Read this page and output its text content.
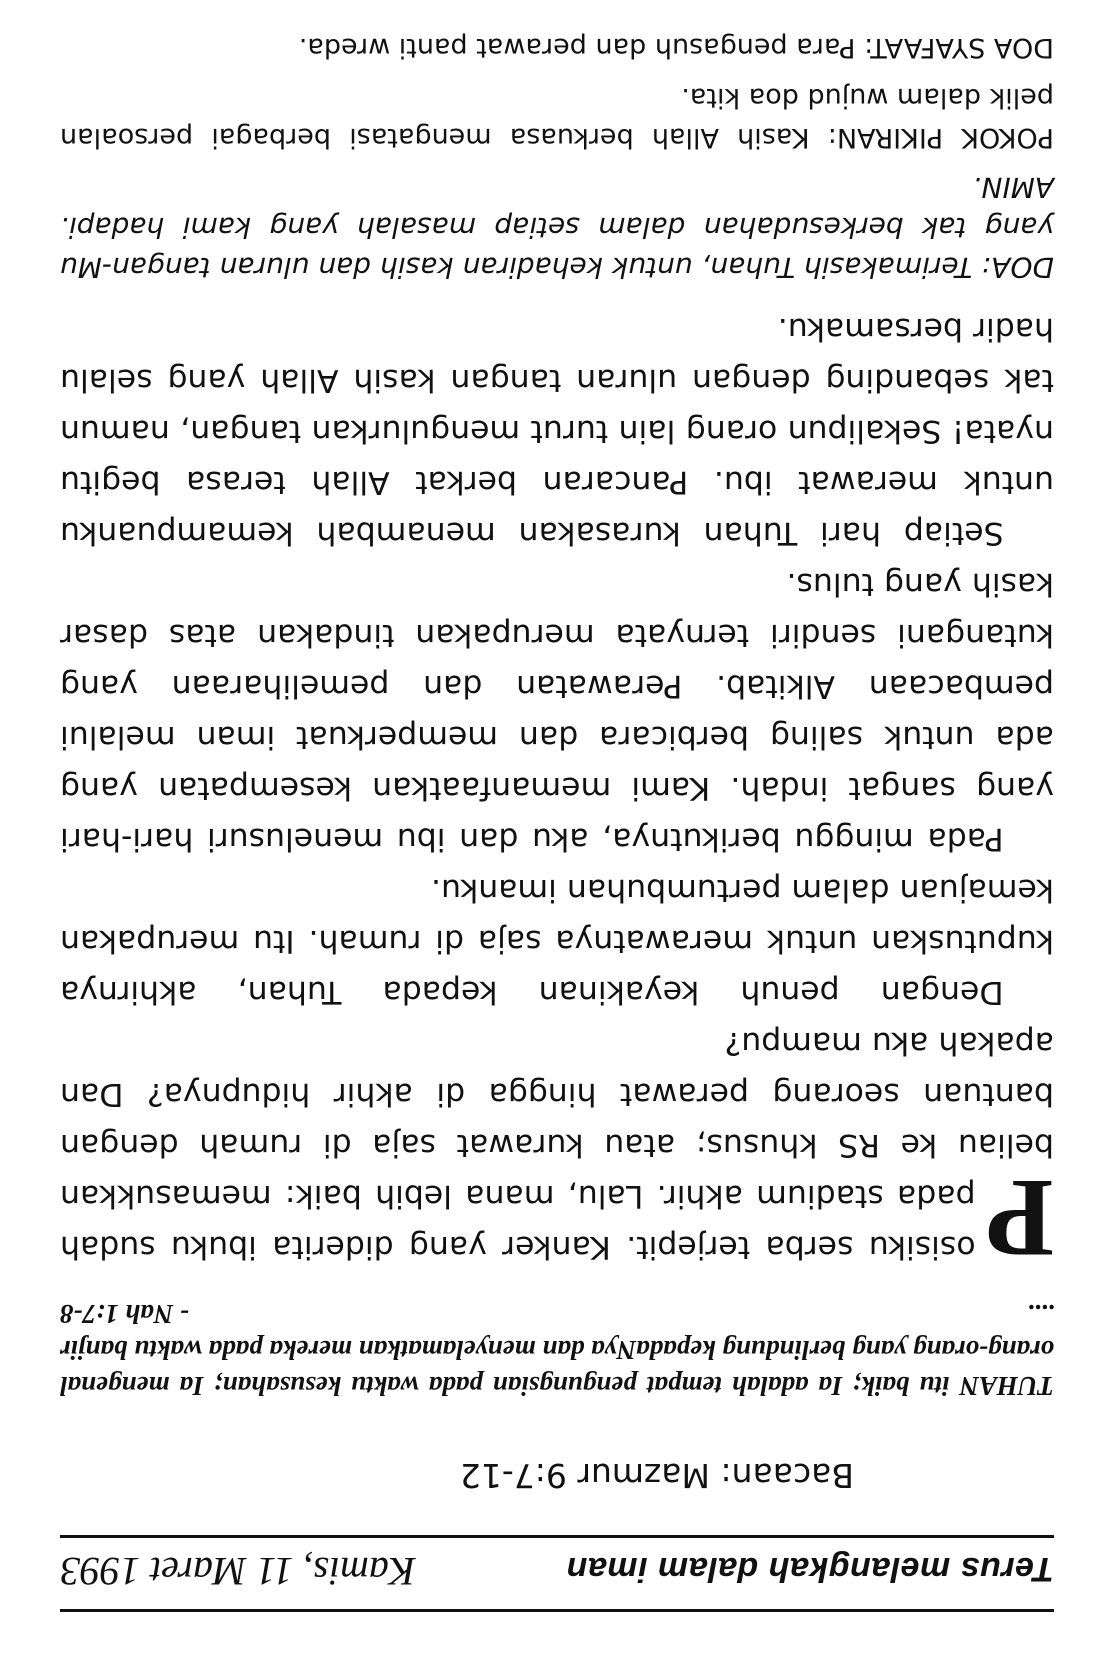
Terus melangkah dalam iman
Kamis, 11 Maret 1993
Bacaan: Mazmur 9:7-12
TUHAN itu baik; Ia adalah tempat pengungsian pada waktu kesusahan; Ia mengenal orang-orang yang berlindung kepadaNya dan menyelamatkan mereka pada waktu banjir ....
- Nah 1:7-8

P
osisiku serba terjepit. Kanker yang diderita ibuku sudah pada stadium akhir. Lalu, mana lebih baik: memasukkan beliau ke RS khusus; atau kurawat saja di rumah dengan bantuan seorang perawat hingga di akhir hidupnya? Dan apakah aku mampu?

Dengan penuh keyakinan kepada Tuhan, akhirnya kuputuskan untuk merawatnya saja di rumah. Itu merupakan kemajuan dalam pertumbuhan imanku.

Pada minggu berikutnya, aku dan ibu menelusuri hari-hari yang sangat indah. Kami memanfaatkan kesempatan yang ada untuk saling berbicara dan memperkuat iman melalui pembacaan Alkitab. Perawatan dan pemeliharaan yang kutangani sendiri ternyata merupakan tindakan atas dasar kasih yang tulus.

Setiap hari Tuhan kurasakan menambah kemampuanku untuk merawat ibu. Pancaran berkat Allah terasa begitu nyata! Sekalipun orang lain turut mengulurkan tangan, namun tak sebanding dengan uluran tangan kasih Allah yang selalu hadir bersamaku.

DOA: Terimakasih Tuhan, untuk kehadiran kasih dan uluran tangan-Mu yang tak berkesudahan dalam setiap masalah yang kami hadapi. AMIN.
POKOK PIKIRAN: Kasih Allah berkuasa mengatasi berbagai persoalan pelik dalam wujud doa kita.
DOA SYAFAAT: Para pengasuh dan perawat panti wreda.
